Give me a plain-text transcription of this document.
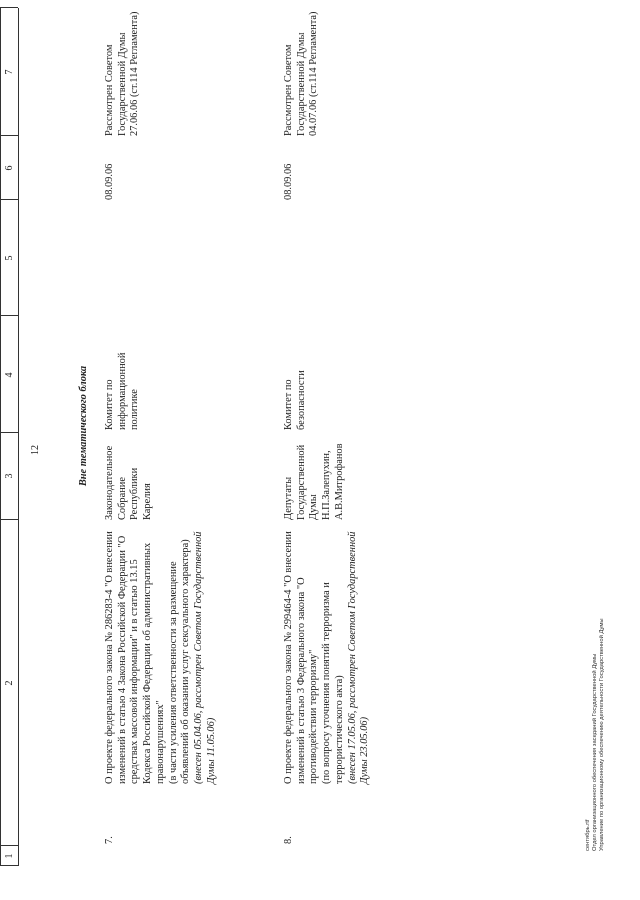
12
1
2
3
4
5
6
7
Вне тематического блока
7.
О проекте федерального закона № 286283-4 "О внесении изменений в статью 4 Закона Российской Федерации "О средствах массовой информации" и в статью 13.15 Кодекса Российской Федерации об административных правонарушениях" (в части усиления ответственности за размещение объявлений об оказании услуг сексуального характера) (внесен 05.04.06, рассмотрен Советом Государственной Думы 11.05.06)
Законодательное Собрание Республики Карелия
Комитет по информационной политике
08.09.06
Рассмотрен Советом Государственной Думы 27.06.06 (ст.114 Регламента)
8.
О проекте федерального закона № 299464-4 "О внесении изменений в статью 3 Федерального закона "О противодействии терроризму" (по вопросу уточнения понятий терроризма и террористического акта) (внесен 17.05.06, рассмотрен Советом Государственной Думы 23.05.06)
Депутаты Государственной Думы Н.П.Залепухин, А.В.Митрофанов
Комитет по безопасности
08.09.06
Рассмотрен Советом Государственной Думы 04.07.06 (ст.114 Регламента)
сентябрь.rtf Отдел организационного обеспечения заседаний Государственной Думы Управление по организационному обеспечению деятельности Государственной Думы
